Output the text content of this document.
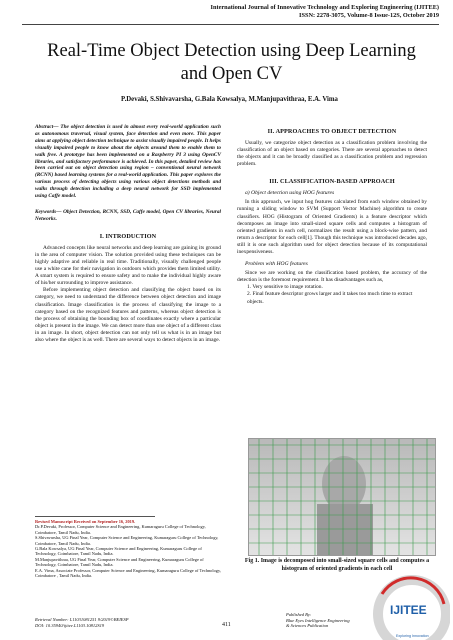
International Journal of Innovative Technology and Exploring Engineering (IJITEE)
ISSN: 2278-3075, Volume-8 Issue-12S, October 2019
Real-Time Object Detection using Deep Learning and Open CV
P.Devaki, S.Shivavarsha, G.Bala Kowsalya, M.Manjupavithraa, E.A. Vima

Abstract— The object detection is used in almost every real-world application such as autonomous traversal, visual system, face detection and even more. This paper aims at applying object detection technique to assist visually impaired people. It helps visually impaired people to know about the objects around them to enable them to walk free. A prototype has been implemented on a Raspberry PI 3 using OpenCV libraries, and satisfactory performance is achieved. In this paper, detailed review has been carried out on object detection using region – conventional neural network (RCNN) based learning systems for a real-world application. This paper explores the various process of detecting objects using various object detections methods and walks through detection including a deep neural network for SSD implemented using Caffe model.

Keywords— Object Detection, RCNN, SSD, Caffe model, Open CV libraries, Neural Networks.

I. INTRODUCTION

Advanced concepts like neural networks and deep learning are gaining its ground in the area of computer vision. The solution provided using these techniques can be highly adaptive and reliable in real time. Traditionally, visually challenged people use a white cane for their navigation in outdoors which provides them limited utility. A smart system is required to ensure safety and to make the individual highly aware of his/her surrounding to improve assistance.

Before implementing object detection and classifying the object based on its category, we need to understand the difference between object detection and image classification. Image classification is the process of classifying the image to a category based on the recognized features and patterns, whereas object detection is the process of obtaining the bounding box of coordinates exactly where a particular object is present in the image. We can detect more than one object of a different class in an image. In short, object detection can not only tell us what is in an image but also where the object is as well. There are several ways to detect objects in an image.

II. APPROACHES TO OBJECT DETECTION

Usually, we categorize object detection as a classification problem involving the classification of an object based on categories. There are several approaches to detect the objects and it can be broadly classified as a classification problem and regression problem.

III. CLASSIFICATION-BASED APPROACH
a) Object detection using HOG features

In this approach, we input hog features calculated from each window obtained by running a sliding window to SVM (Support Vector Machine) algorithm to create classifiers. HOG (Histogram of Oriented Gradients) is a feature descriptor which decomposes an image into small-sized square cells and computes a histogram of oriented gradients in each cell, normalizes the result using a block-wise pattern, and return a descriptor for each cell[1]. Though this technique was introduced decades ago, still it is one such algorithm used for object detection because of its computational inexpensiveness.

Problem with HOG features

Since we are working on the classification based problem, the accuracy of the detection is the foremost requirement. It has disadvantages such as,

1. Very sensitive to image rotation.
2. Final feature descriptor grows larger and it takes too much time to extract objects.
Fig 1. Image is decomposed into small-sized square cells and computes a histogram of oriented gradients in each cell
Revised Manuscript Received on September 16, 2019.
Dr.P.Devaki, Professor, Computer Science and Engineering, Kumaraguru College of Technology, Coimbatore, Tamil Nadu, India.
S.Shivavarsha, UG Final Year, Computer Science and Engineering, Kumaraguru College of Technology, Coimbatore, Tamil Nadu, India.
G.Bala Kowsalya, UG Final Year, Computer Science and Engineering, Kumaraguru College of Technology, Coimbatore, Tamil Nadu, India.
M.Manjupavithraa, UG Final Year, Computer Science and Engineering, Kumaraguru College of Technology, Coimbatore, Tamil Nadu, India.
E.A. Vima, Associate Professor, Computer Science and Engineering, Kumaraguru College of Technology, Coimbatore , Tamil Nadu, India.
Retrieval Number: L11031081251 9/2019©BEIESP
DOI: 10.35940/ijitee.L1103.10812S19	411
Published By:
Blue Eyes Intelligence Engineering
& Sciences Publication
IJITEE
Exploring Innovation
